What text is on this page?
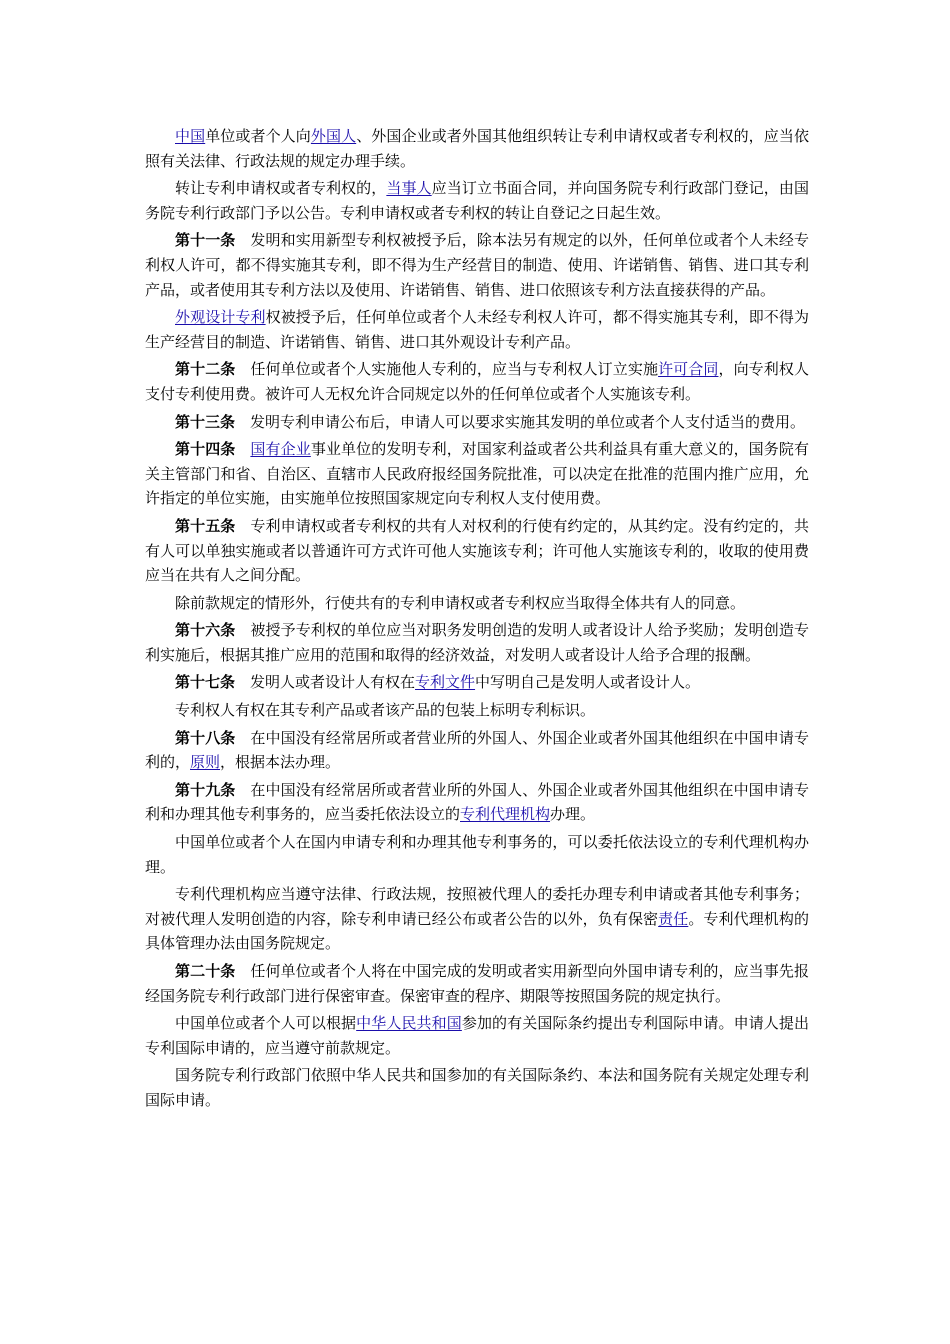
中国单位或者个人向外国人、外国企业或者外国其他组织转让专利申请权或者专利权的，应当依照有关法律、行政法规的规定办理手续。

转让专利申请权或者专利权的，当事人应当订立书面合同，并向国务院专利行政部门登记，由国务院专利行政部门予以公告。专利申请权或者专利权的转让自登记之日起生效。

第十一条 发明和实用新型专利权被授予后，除本法另有规定的以外，任何单位或者个人未经专利权人许可，都不得实施其专利，即不得为生产经营目的制造、使用、许诺销售、销售、进口其专利产品，或者使用其专利方法以及使用、许诺销售、销售、进口依照该专利方法直接获得的产品。

外观设计专利权被授予后，任何单位或者个人未经专利权人许可，都不得实施其专利，即不得为生产经营目的制造、许诺销售、销售、进口其外观设计专利产品。

第十二条 任何单位或者个人实施他人专利的，应当与专利权人订立实施许可合同，向专利权人支付专利使用费。被许可人无权允许合同规定以外的任何单位或者个人实施该专利。

第十三条 发明专利申请公布后，申请人可以要求实施其发明的单位或者个人支付适当的费用。

第十四条 国有企业事业单位的发明专利，对国家利益或者公共利益具有重大意义的，国务院有关主管部门和省、自治区、直辖市人民政府报经国务院批准，可以决定在批准的范围内推广应用，允许指定的单位实施，由实施单位按照国家规定向专利权人支付使用费。

第十五条 专利申请权或者专利权的共有人对权利的行使有约定的，从其约定。没有约定的，共有人可以单独实施或者以普通许可方式许可他人实施该专利；许可他人实施该专利的，收取的使用费应当在共有人之间分配。

除前款规定的情形外，行使共有的专利申请权或者专利权应当取得全体共有人的同意。

第十六条 被授予专利权的单位应当对职务发明创造的发明人或者设计人给予奖励；发明创造专利实施后，根据其推广应用的范围和取得的经济效益，对发明人或者设计人给予合理的报酬。

第十七条 发明人或者设计人有权在专利文件中写明自己是发明人或者设计人。

专利权人有权在其专利产品或者该产品的包装上标明专利标识。

第十八条 在中国没有经常居所或者营业所的外国人、外国企业或者外国其他组织在中国申请专利的，原则，根据本法办理。

第十九条 在中国没有经常居所或者营业所的外国人、外国企业或者外国其他组织在中国申请专利和办理其他专利事务的，应当委托依法设立的专利代理机构办理。

中国单位或者个人在国内申请专利和办理其他专利事务的，可以委托依法设立的专利代理机构办理。

专利代理机构应当遵守法律、行政法规，按照被代理人的委托办理专利申请或者其他专利事务；对被代理人发明创造的内容，除专利申请已经公布或者公告的以外，负有保密责任。专利代理机构的具体管理办法由国务院规定。

第二十条 任何单位或者个人将在中国完成的发明或者实用新型向外国申请专利的，应当事先报经国务院专利行政部门进行保密审查。保密审查的程序、期限等按照国务院的规定执行。

中国单位或者个人可以根据中华人民共和国参加的有关国际条约提出专利国际申请。申请人提出专利国际申请的，应当遵守前款规定。

国务院专利行政部门依照中华人民共和国参加的有关国际条约、本法和国务院有关规定处理专利国际申请。
